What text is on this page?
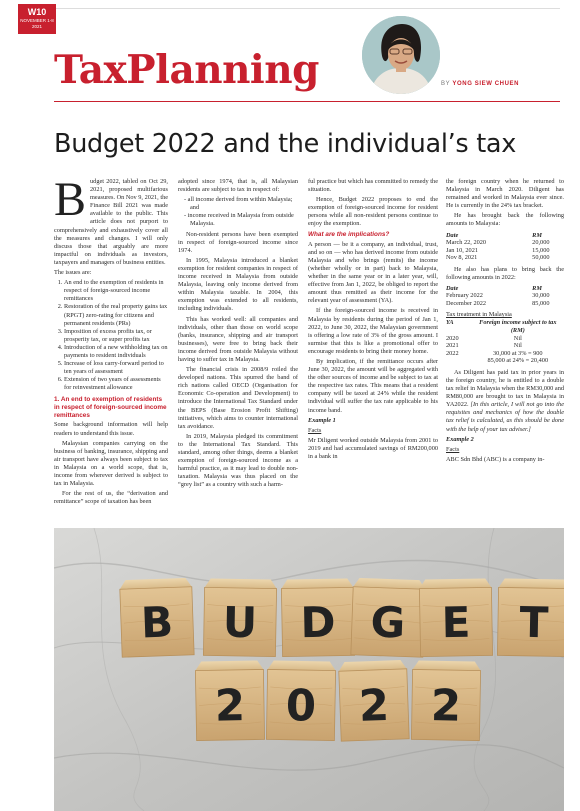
W10
NOVEMBER 1-8 2021
TaxPlanning	BY YONG SIEW CHUEN
Budget 2022 and the individual’s tax

Budget 2022, tabled on Oct 29, 2021, proposed multifarious measures. On Nov 9, 2021, the Finance Bill 2021 was made available to the public. This article does not purport to comprehensively and exhaustively cover all the measures and changes. I will only discuss those that arguably are more impactful on individuals as investors, taxpayers and managers of business entities.

The issues are:

1. An end to the exemption of residents in respect of foreign-sourced income remittances
2. Restoration of the real property gains tax (RPGT) zero-rating for citizens and permanent residents (PRs)
3. Imposition of excess profits tax, or prosperity tax, or super profits tax
4. Introduction of a new withholding tax on payments to resident individuals
5. Increase of loss carry-forward period to ten years of assessment
6. Extension of two years of assessments for reinvestment allowance
1. An end to exemption of residents in respect of foreign-sourced income remittances

Some background information will help readers to understand this issue.

Malaysian companies carrying on the business of banking, insurance, shipping and air transport have always been subject to tax in Malaysia on a world scope, that is, income from wherever derived is subject to tax in Malaysia.

For the rest of us, the “derivation and remittance” scope of taxation has been

adopted since 1974, that is, all Malaysian residents are subject to tax in respect of:

- all income derived from within Malaysia; and
- income received in Malaysia from outside Malaysia.

Non-resident persons have been exempted in respect of foreign-sourced income since 1974.

In 1995, Malaysia introduced a blanket exemption for resident companies in respect of income received in Malaysia from outside Malaysia, leaving only income derived from within Malaysia taxable. In 2004, this exemption was extended to all residents, including individuals.

This has worked well: all companies and individuals, other than those on world scope (banks, insurance, shipping and air transport businesses), were free to bring back their income derived from outside Malaysia without having to suffer tax in Malaysia.

The financial crisis in 2008/9 roiled the developed nations. This spurred the band of rich nations called OECD (Organisation for Economic Co-operation and Development) to introduce the International Tax Standard under the BEPS (Base Erosion Profit Shifting) initiatives, which aims to counter international tax avoidance.

In 2019, Malaysia pledged its commitment to the International Tax Standard. This standard, among other things, deems a blanket exemption of foreign-sourced income as a harmful practice, as it may lead to double non-taxation. Malaysia was thus placed on the “grey list” as a country with such a harm-

ful practice but which has committed to remedy the situation.

Hence, Budget 2022 proposes to end the exemption of foreign-sourced income for resident persons while all non-resident persons continue to enjoy the exemption.

What are the implications?

A person — be it a company, an individual, trust, and so on — who has derived income from outside Malaysia and who brings (remits) the income (whether wholly or in part) back to Malaysia, whether in the same year or in a later year, will, effective from Jan 1, 2022, be obliged to report the amount thus remitted as their income for the relevant year of assessment (YA).

If the foreign-sourced income is received in Malaysia by residents during the period of Jan 1, 2022, to June 30, 2022, the Malaysian government is offering a low rate of 3% of the gross amount. I surmise that this is like a promotional offer to encourage residents to bring their money home.

By implication, if the remittance occurs after June 30, 2022, the amount will be aggregated with the other sources of income and be subject to tax at the respective tax rates. This means that a resident company will be taxed at 24% while the resident individual will suffer the tax rate applicable to his income band.

Example 1

Facts

Mr Diligent worked outside Malaysia from 2001 to 2019 and had accumulated savings of RM200,000 in a bank in

the foreign country when he returned to Malaysia in March 2020. Diligent has remained and worked in Malaysia ever since. He is currently in the 24% tax bracket.

He has brought back the following amounts to Malaysia:

Date	RM
March 22, 2020	20,000
Jan 10, 2021	15,000
Nov 8, 2021	50,000

He also has plans to bring back the following amounts in 2022:

Date	RM
February 2022	30,000
December 2022	85,000
Tax treatment in Malaysia
YA	Foreign income subject to tax
	(RM)
2020	Nil
2021	Nil
2022	30,000 at 3% = 900
	85,000 at 24% = 20,400

As Diligent has paid tax in prior years in the foreign country, he is entitled to a double tax relief in Malaysia when the RM30,000 and RM80,000 are brought to tax in Malaysia in YA2022. [In this article, I will not go into the requisites and mechanics of how the double tax relief is calculated, as this should be done with the help of your tax adviser.]

Example 2

Facts

ABC Sdn Bhd (ABC) is a company in-

B U D G E T
2 0 2 2
